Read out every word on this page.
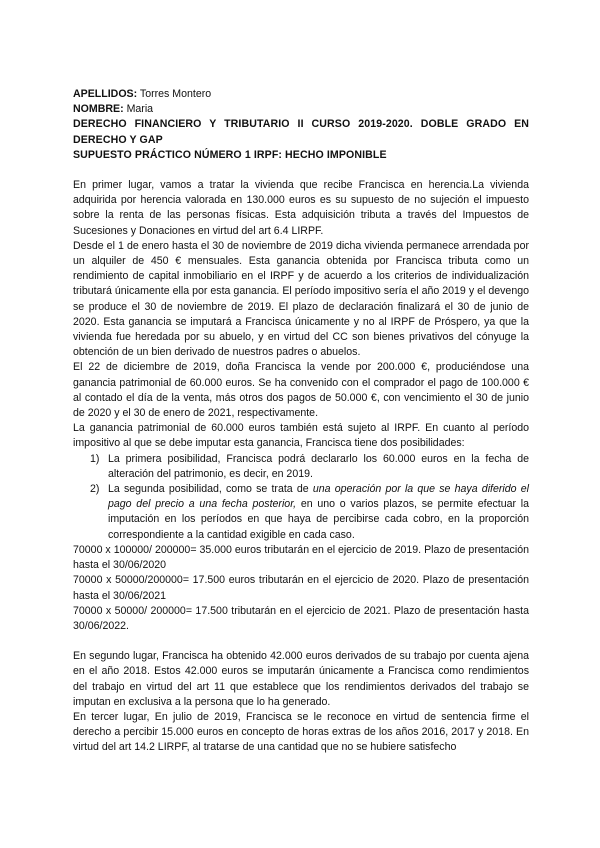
APELLIDOS: Torres Montero
NOMBRE: Maria
DERECHO FINANCIERO Y TRIBUTARIO II CURSO 2019-2020. DOBLE GRADO EN DERECHO Y GAP
SUPUESTO PRÁCTICO NÚMERO 1 IRPF: HECHO IMPONIBLE

En primer lugar, vamos a tratar la vivienda que recibe Francisca en herencia.La vivienda adquirida por herencia valorada en 130.000 euros es su supuesto de no sujeción el impuesto sobre la renta de las personas físicas. Esta adquisición tributa a través del Impuestos de Sucesiones y Donaciones en virtud del art 6.4 LIRPF.

Desde el 1 de enero hasta el 30 de noviembre de 2019 dicha vivienda permanece arrendada por un alquiler de 450 € mensuales. Esta ganancia obtenida por Francisca tributa como un rendimiento de capital inmobiliario en el IRPF y de acuerdo a los criterios de individualización tributará únicamente ella por esta ganancia. El período impositivo sería el año 2019 y el devengo se produce el 30 de noviembre de 2019. El plazo de declaración finalizará el 30 de junio de 2020. Esta ganancia se imputará a Francisca únicamente y no al IRPF de Próspero, ya que la vivienda fue heredada por su abuelo, y en virtud del CC son bienes privativos del cónyuge la obtención de un bien derivado de nuestros padres o abuelos.

El 22 de diciembre de 2019, doña Francisca la vende por 200.000 €, produciéndose una ganancia patrimonial de 60.000 euros. Se ha convenido con el comprador el pago de 100.000 € al contado el día de la venta, más otros dos pagos de 50.000 €, con vencimiento el 30 de junio de 2020 y el 30 de enero de 2021, respectivamente.

La ganancia patrimonial de 60.000 euros también está sujeto al IRPF. En cuanto al período impositivo al que se debe imputar esta ganancia, Francisca tiene dos posibilidades:

1) La primera posibilidad, Francisca podrá declararlo los 60.000 euros en la fecha de alteración del patrimonio, es decir, en 2019.
2) La segunda posibilidad, como se trata de una operación por la que se haya diferido el pago del precio a una fecha posterior, en uno o varios plazos, se permite efectuar la imputación en los períodos en que haya de percibirse cada cobro, en la proporción correspondiente a la cantidad exigible en cada caso.

70000 x 100000/ 200000= 35.000 euros tributarán en el ejercicio de 2019. Plazo de presentación hasta el 30/06/2020

70000 x 50000/200000= 17.500 euros tributarán en el ejercicio de 2020. Plazo de presentación hasta el 30/06/2021

70000 x 50000/ 200000= 17.500 tributarán en el ejercicio de 2021. Plazo de presentación hasta 30/06/2022.

En segundo lugar, Francisca ha obtenido 42.000 euros derivados de su trabajo por cuenta ajena en el año 2018. Estos 42.000 euros se imputarán únicamente a Francisca como rendimientos del trabajo en virtud del art 11 que establece que los rendimientos derivados del trabajo se imputan en exclusiva a la persona que lo ha generado.

En tercer lugar, En julio de 2019, Francisca se le reconoce en virtud de sentencia firme el derecho a percibir 15.000 euros en concepto de horas extras de los años 2016, 2017 y 2018. En virtud del art 14.2 LIRPF, al tratarse de una cantidad que no se hubiere satisfecho
